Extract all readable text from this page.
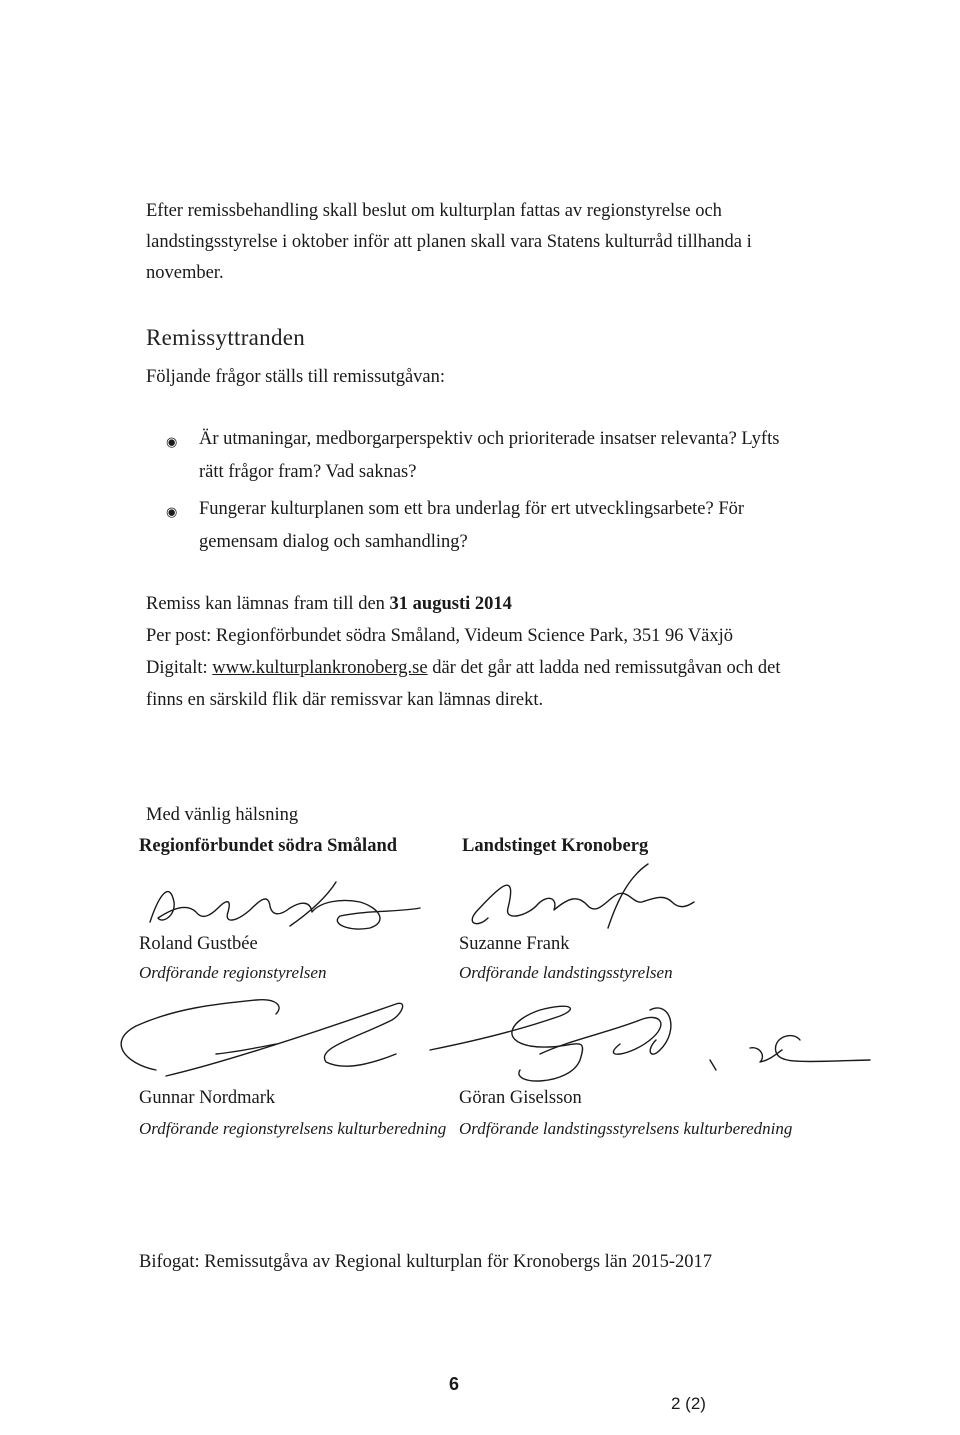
Efter remissbehandling skall beslut om kulturplan fattas av regionstyrelse och
landstingsstyrelse i oktober inför att planen skall vara Statens kulturråd tillhanda i
november.
Remissyttranden
Följande frågor ställs till remissutgåvan:
◉ Är utmaningar, medborgarperspektiv och prioriterade insatser relevanta? Lyfts
rätt frågor fram? Vad saknas?
◉ Fungerar kulturplanen som ett bra underlag för ert utvecklingsarbete? För
gemensam dialog och samhandling?
Remiss kan lämnas fram till den 31 augusti 2014
Per post: Regionförbundet södra Småland, Videum Science Park, 351 96 Växjö
Digitalt: www.kulturplankronoberg.se där det går att ladda ned remissutgåvan och det
finns en särskild flik där remissvar kan lämnas direkt.
Med vänlig hälsning
Regionförbundet södra Småland	Landstinget Kronoberg
Roland Gustbée
Ordförande regionstyrelsen
Suzanne Frank
Ordförande landstingsstyrelsen
Gunnar Nordmark
Ordförande regionstyrelsens kulturberedning
Göran Giselsson
Ordförande landstingsstyrelsens kulturberedning
Bifogat: Remissutgåva av Regional kulturplan för Kronobergs län 2015-2017
6
2 (2)
